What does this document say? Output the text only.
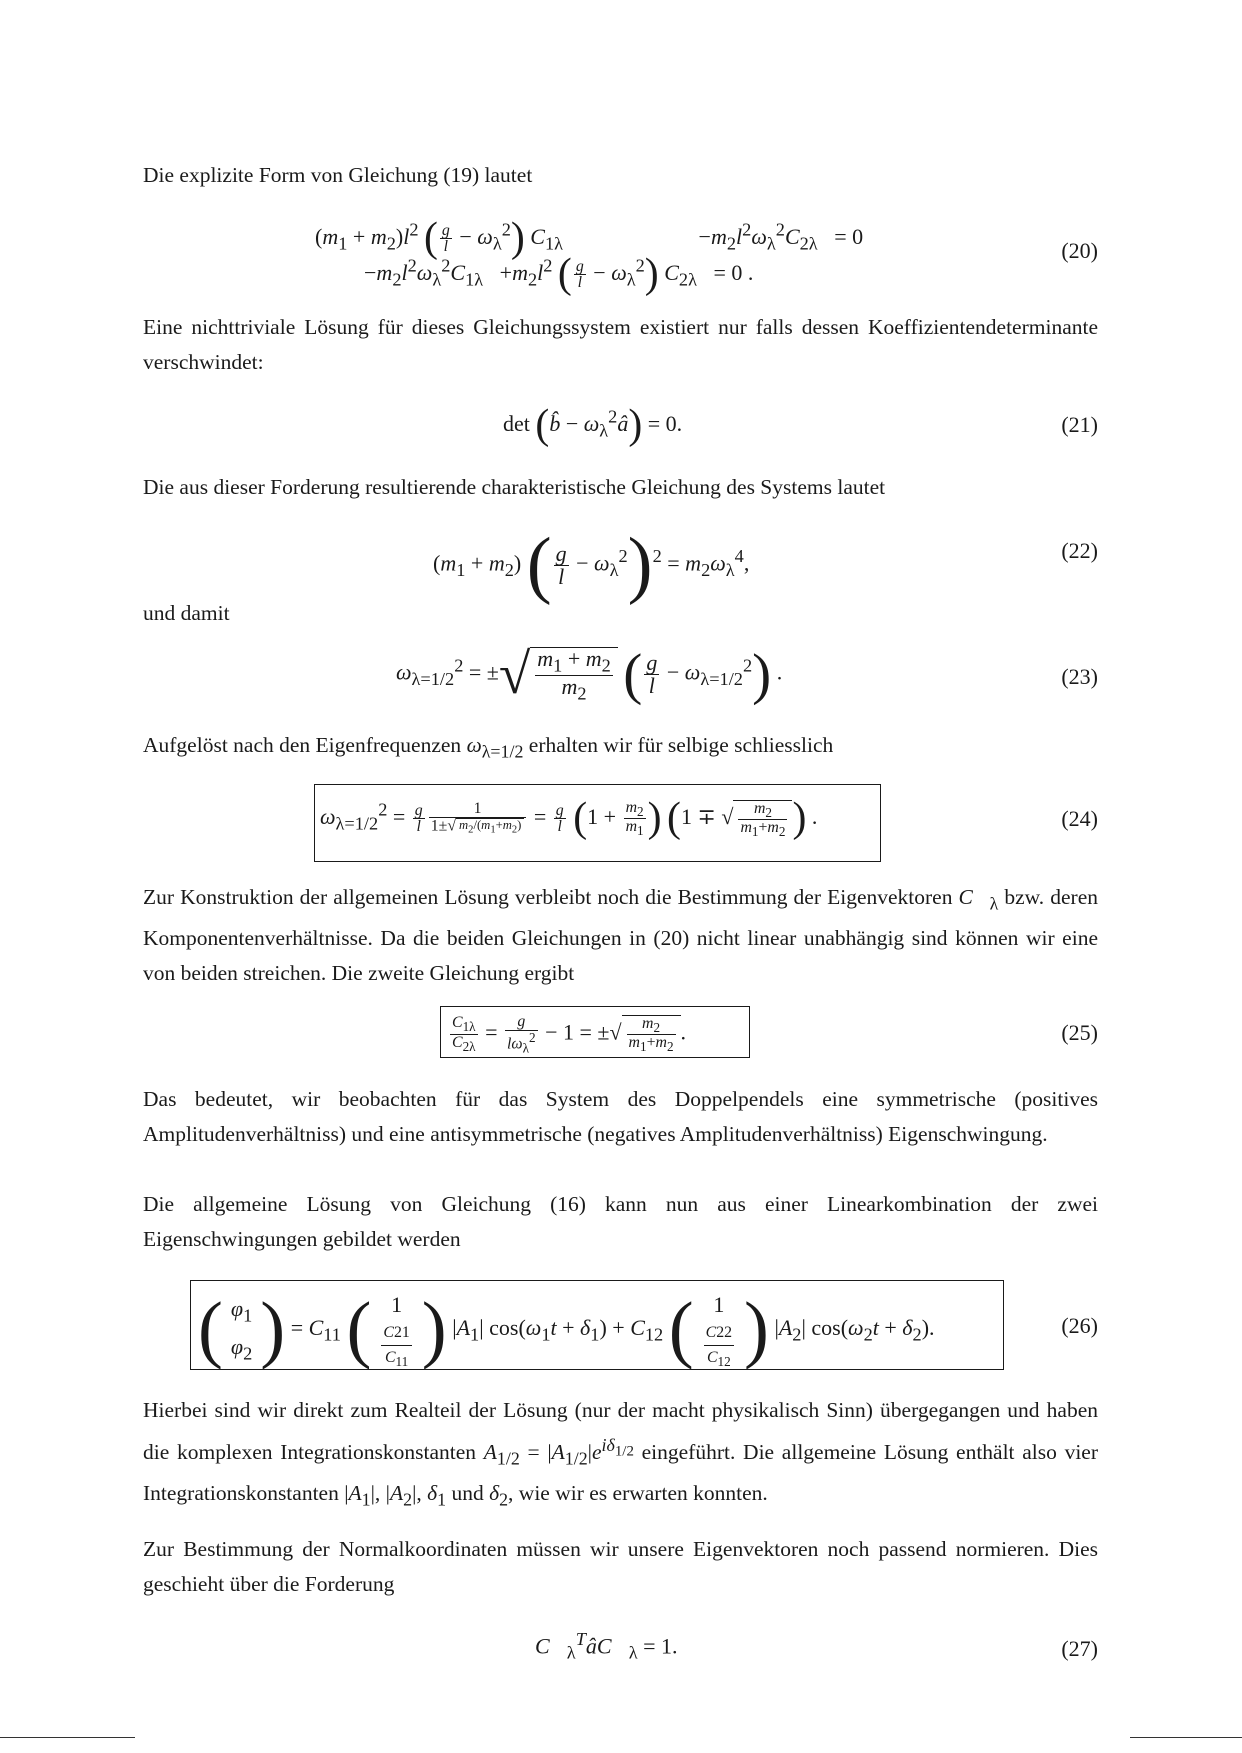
Die explizite Form von Gleichung (19) lautet
$(m_1 + m_2)l^2$ ( $\frac{g}{l} - \omega_\lambda^2$) $C_{1\lambda}$	$-m_2l^2\omega_\lambda^2C_{2\lambda} = 0$
$-m_2l^2\omega_\lambda^2C_{1\lambda} +m_2l^2$ ( $\frac{g}{l} - \omega_\lambda^2$) $C_{2\lambda} = 0$ .
(20)
Eine nichttriviale Lösung für dieses Gleichungssystem existiert nur falls dessen Koeffizientendeterminante verschwindet:
det (b̂ − $\omega_\lambda^2â) = 0$.	(21)
Die aus dieser Forderung resultierende charakteristische Gleichung des Systems lautet
$(m_1 + m_2)$ ( $\frac{g}{l} - \omega_\lambda^2)^2 = m_2\omega_\lambda^4$,	(22)
und damit
$\omega_{\lambda=1/2}^2$ = ±√ $\frac{m_1 + m_2}{m_2}$ ( $\frac{g}{l} - \omega_{\lambda=1/2}^2$) .	(23)
Aufgelöst nach den Eigenfrequenzen $\omega_{\lambda=1/2}$ erhalten wir für selbige schliesslich
$\omega_{\lambda=1/2}^2 = \frac{g}{l} \frac{1}{1\pm√ m_2/(m_1+m_2)} = \frac{g}{l} (1 + \frac{m_2}{m_1}$ ) (1 ∓ √ $\frac{m_2}{m_1+m_2}$ ) .	(24)
Zur Konstruktion der allgemeinen Lösung verbleibt noch die Bestimmung der Eigenvektoren $C⃗_\lambda$ bzw. deren Komponentenverhältnisse. Da die beiden Gleichungen in (20) nicht linear unabhängig sind können wir eine von beiden streichen. Die zweite Gleichung ergibt
$\frac{C_{1\lambda}}{C_{2\lambda}} = \frac{g}{l\omega_\lambda^2} - 1$ = ±√ $\frac{m_2}{m_1+m_2}$ .	(25)
Das bedeutet, wir beobachten für das System des Doppelpendels eine symmetrische (positives Amplitudenverhältniss) und eine antisymmetrische (negatives Amplitudenverhältniss) Eigenschwingung.
Die allgemeine Lösung von Gleichung (16) kann nun aus einer Linearkombination der zwei Eigenschwingungen gebildet werden
( $\varphi_1$
$\varphi_2$ ) = $C_{11}$ ( 1
C21
$C_{11}$ ) $|A_1|$ $\cos(\omega_1t + \delta_1) + C_{12}$ ( 1
C22
$C_{12}$ ) $|A_2|$ $\cos(\omega_2t + \delta_2)$.	(26)
Hierbei sind wir direkt zum Realteil der Lösung (nur der macht physikalisch Sinn) übergegangen und haben die komplexen Integrationskonstanten $A_{1/2} = |A_{1/2}|e^{i\delta_{1/2}}$ eingeführt. Die allgemeine Lösung enthält also vier Integrationskonstanten $|A_1|$, $|A_2|$, $\delta_1$ und $\delta_2$, wie wir es erwarten konnten.
Zur Bestimmung der Normalkoordinaten müssen wir unsere Eigenvektoren noch passend normieren. Dies geschieht über die Forderung
$C⃗_\lambda^TâC⃗_\lambda = 1$.	(27)
